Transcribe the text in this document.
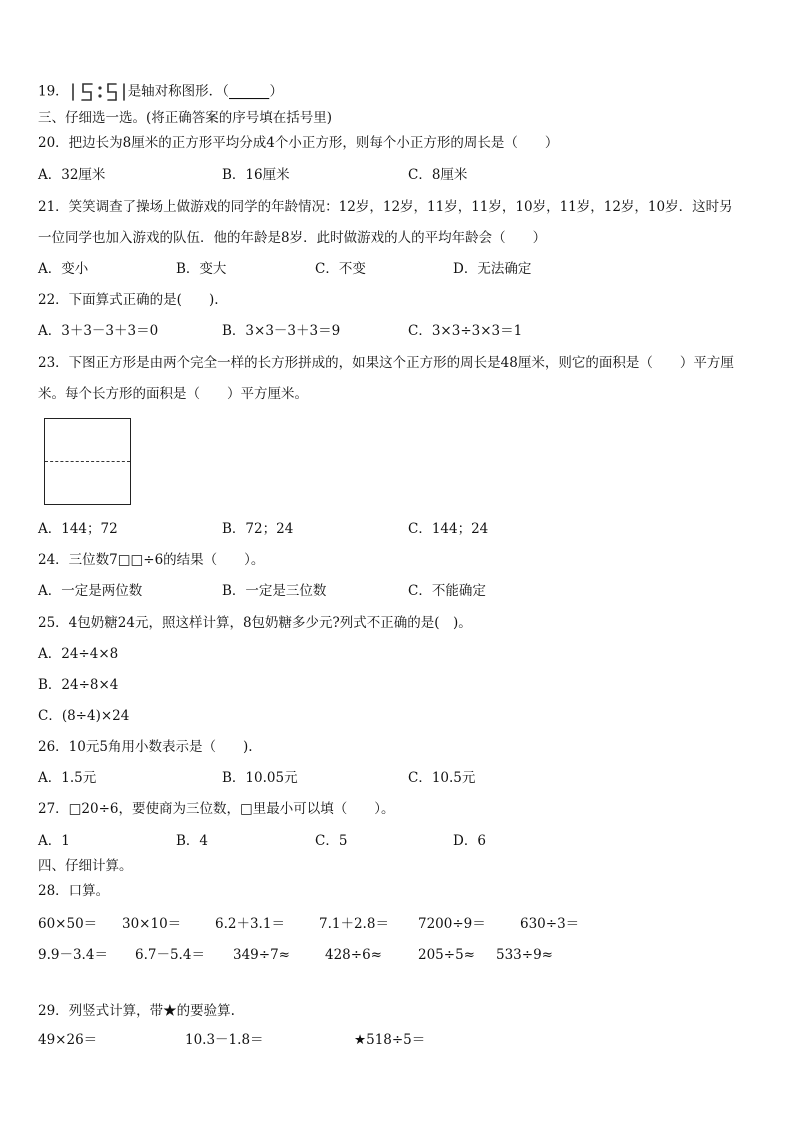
19．	是轴对称图形．（______）
三、仔细选一选。(将正确答案的序号填在括号里)
20．把边长为8厘米的正方形平均分成4个小正方形，则每个小正方形的周长是（　　）
A．32厘米	B．16厘米	C．8厘米
21．笑笑调查了操场上做游戏的同学的年龄情况：12岁，12岁，11岁，11岁，10岁，11岁，12岁，10岁．这时另
一位同学也加入游戏的队伍．他的年龄是8岁．此时做游戏的人的平均年龄会（　　）
A．变小	B．变大	C．不变	D．无法确定
22．下面算式正确的是(　　).
A．3＋3－3＋3＝0	B．3×3－3＋3＝9	C．3×3÷3×3＝1
23．下图正方形是由两个完全一样的长方形拼成的，如果这个正方形的周长是48厘米，则它的面积是（　　）平方厘
米。每个长方形的面积是（　　）平方厘米。
A．144；72	B．72；24	C．144；24
24．三位数7□□÷6的结果（　　）。
A．一定是两位数	B．一定是三位数	C．不能确定
25．4包奶糖24元，照这样计算，8包奶糖多少元?列式不正确的是(　)。
A．24÷4×8
B．24÷8×4
C．(8÷4)×24
26．10元5角用小数表示是（　　).
A．1.5元	B．10.05元	C．10.5元
27．□20÷6，要使商为三位数，□里最小可以填（　　）。
A．1	B．4	C．5	D．6
四、仔细计算。
28．口算。
60×50＝ 30×10＝	6.2＋3.1＝	7.1＋2.8＝ 7200÷9＝	630÷3＝
9.9－3.4＝ 6.7－5.4＝ 349÷7≈	428÷6≈	205÷5≈ 533÷9≈
29．列竖式计算，带★的要验算.
49×26＝	10.3－1.8＝	★518÷5＝
